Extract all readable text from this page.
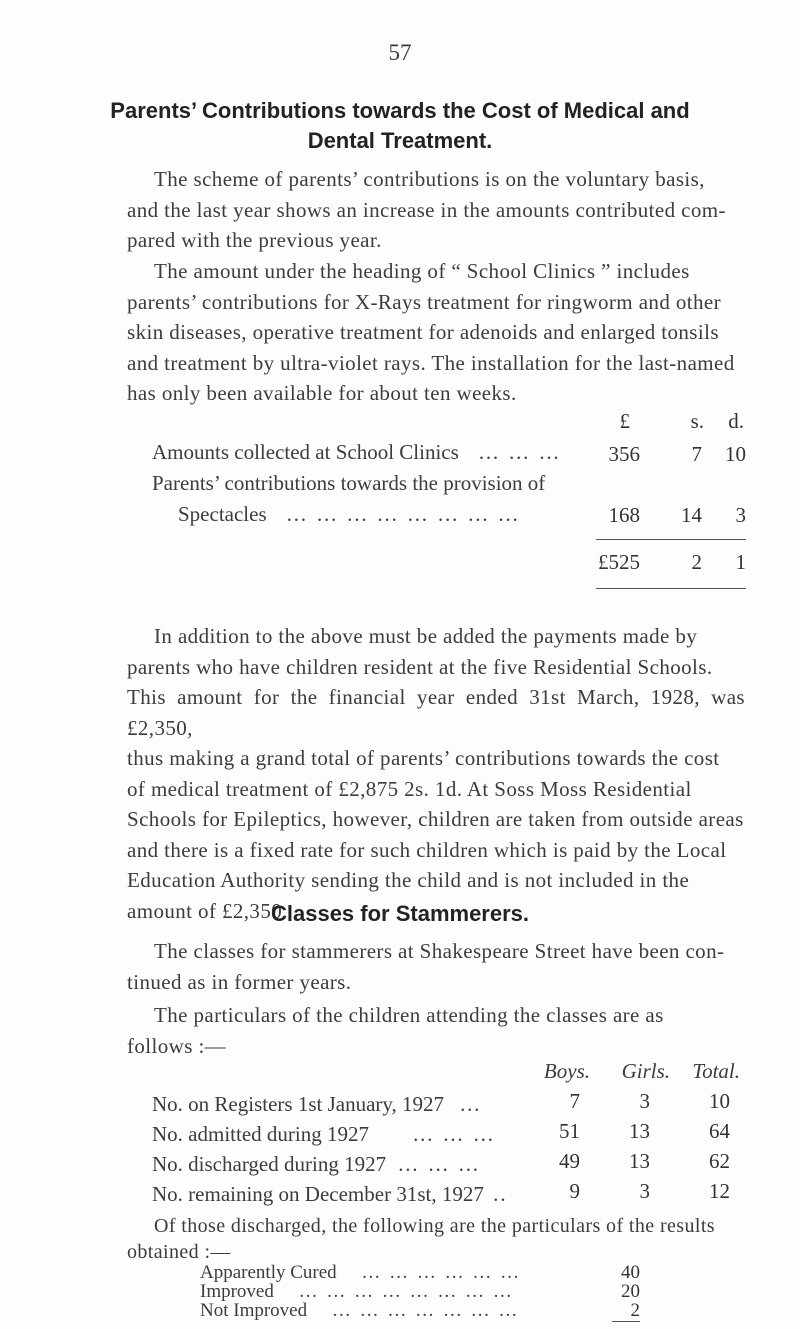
57
Parents’ Contributions towards the Cost of Medical and
Dental Treatment.
The scheme of parents’ contributions is on the voluntary basis,
and the last year shows an increase in the amounts contributed com-
pared with the previous year.
The amount under the heading of “ School Clinics ” includes
parents’ contributions for X-Rays treatment for ringworm and other
skin diseases, operative treatment for adenoids and enlarged tonsils
and treatment by ultra-violet rays. The installation for the last-named
has only been available for about ten weeks.
£	s.	d.
Amounts collected at School Clinics … … …	356	7	10
Parents’ contributions towards the provision of
Spectacles … … … … … … … …	168	14	3
£525	2	1
In addition to the above must be added the payments made by
parents who have children resident at the five Residential Schools.
This amount for the financial year ended 31st March, 1928, was £2,350,
thus making a grand total of parents’ contributions towards the cost
of medical treatment of £2,875 2s. 1d. At Soss Moss Residential
Schools for Epileptics, however, children are taken from outside areas
and there is a fixed rate for such children which is paid by the Local
Education Authority sending the child and is not included in the
amount of £2,350.
Classes for Stammerers.
The classes for stammerers at Shakespeare Street have been con-
tinued as in former years.
The particulars of the children attending the classes are as
follows :—
Boys.	Girls.	Total.
No. on Registers 1st January, 1927 …	7	3	10
No. admitted during 1927 … … …	51	13	64
No. discharged during 1927 … … …	49	13	62
No. remaining on December 31st, 1927 ..	9	3	12
Of those discharged, the following are the particulars of the results
obtained :—
Apparently Cured … … … … … …	40
Improved … … … … … … … …	20
Not Improved … … … … … … …	2
